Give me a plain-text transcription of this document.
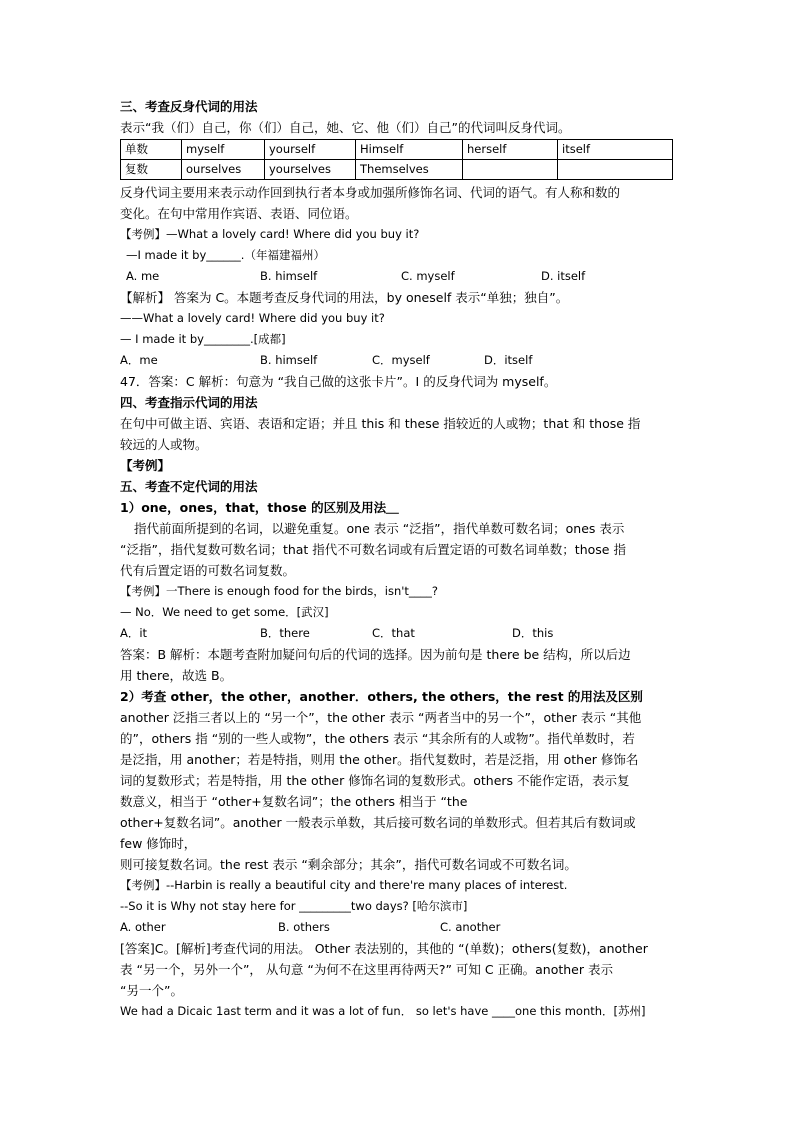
三、考查反身代词的用法
表示“我（们）自己，你（们）自己，她、它、他（们）自己”的代词叫反身代词。
单数	myself	yourself	Himself	herself	itself
复数	ourselves	yourselves	Themselves		
反身代词主要用来表示动作回到执行者本身或加强所修饰名词、代词的语气。有人称和数的
变化。在句中常用作宾语、表语、同位语。
【考例】—What a lovely card! Where did you buy it?
—I made it by______.（年福建福州）
A. me	B. himself	C. myself	D. itself
【解析】 答案为 C。本题考查反身代词的用法，by oneself 表示“单独；独自”。
——What a lovely card! Where did you buy it?
— I made it by________.[成都]
A．me	B. himself	C．myself	D．itself
47．答案：C 解析：句意为 “我自己做的这张卡片”。I 的反身代词为 myself。
四、考查指示代词的用法
在句中可做主语、宾语、表语和定语；并且 this 和 these 指较近的人或物；that 和 those 指
较远的人或物。
【考例】
五、考查不定代词的用法
1）one，ones，that，those 的区别及用法＿
指代前面所提到的名词，以避免重复。one 表示 “泛指”，指代单数可数名词；ones 表示
“泛指”，指代复数可数名词；that 指代不可数名词或有后置定语的可数名词单数；those 指
代有后置定语的可数名词复数。
【考例】一There is enough food for the birds，isn't____?
— No．We need to get some．[武汉]
A．it	B．there	C．that	D．this
答案：B 解析：本题考查附加疑问句后的代词的选择。因为前句是 there be 结构，所以后边
用 there，故选 B。
2）考查 other，the other，another．others, the others，the rest 的用法及区别
another 泛指三者以上的 “另一个”，the other 表示 “两者当中的另一个”，other 表示 “其他
的”，others 指 “别的一些人或物”，the others 表示 “其余所有的人或物”。指代单数时，若
是泛指，用 another；若是特指，则用 the other。指代复数时，若是泛指，用 other 修饰名
词的复数形式；若是特指，用 the other 修饰名词的复数形式。others 不能作定语，表示复
数意义，相当于 “other+复数名词”；the others 相当于 “the
other+复数名词”。another 一般表示单数，其后接可数名词的单数形式。但若其后有数词或
few 修饰时，
则可接复数名词。the rest 表示 “剩余部分；其余”，指代可数名词或不可数名词。
【考例】--Harbin is really a beautiful city and there're many places of interest.
--So it is Why not stay here for _________two days? [哈尔滨市]
A. other	B. others	C. another
[答案]C。[解析]考查代词的用法。 Other 表法别的，其他的 “(单数)；others(复数)，another
表 “另一个，另外一个”， 从句意 “为何不在这里再待两天?” 可知 C 正确。another 表示
“另一个”。
We had a Dicaic 1ast term and it was a lot of fun． so let's have ____one this month．[苏州]
